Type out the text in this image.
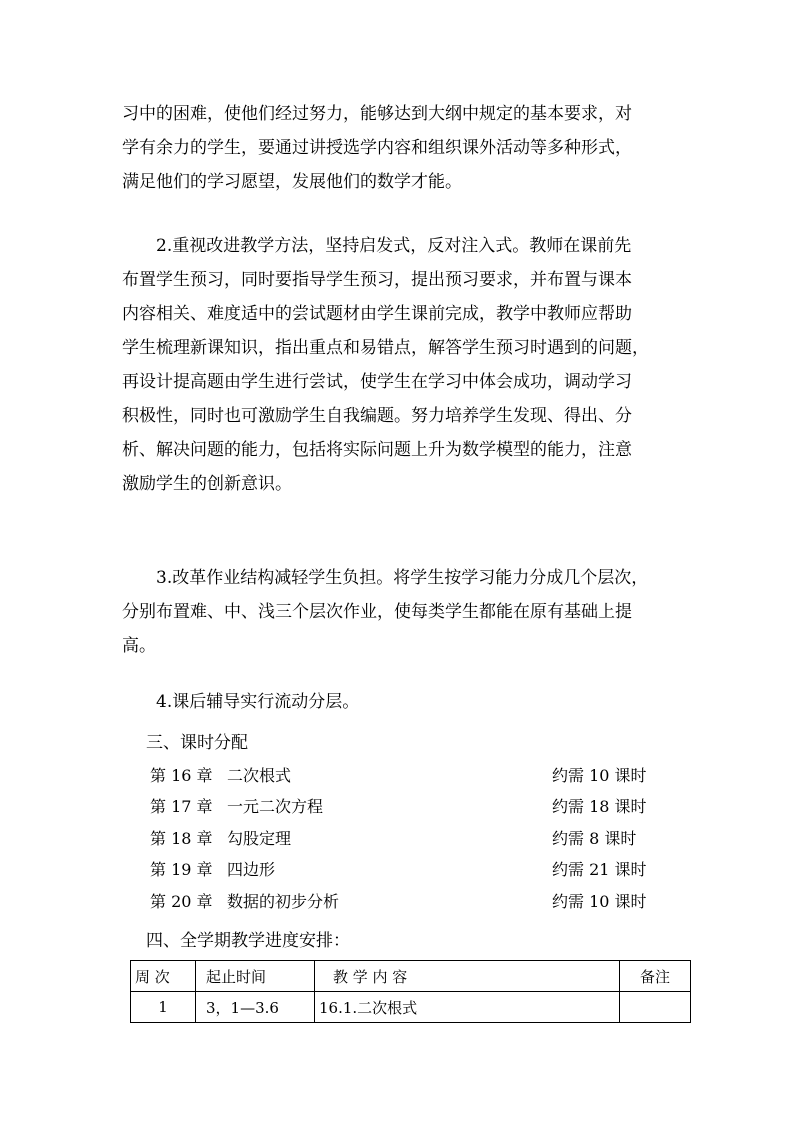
习中的困难，使他们经过努力，能够达到大纲中规定的基本要求，对
学有余力的学生，要通过讲授选学内容和组织课外活动等多种形式，
满足他们的学习愿望，发展他们的数学才能。
2.重视改进教学方法，坚持启发式，反对注入式。教师在课前先
布置学生预习，同时要指导学生预习，提出预习要求，并布置与课本
内容相关、难度适中的尝试题材由学生课前完成，教学中教师应帮助
学生梳理新课知识，指出重点和易错点，解答学生预习时遇到的问题，
再设计提高题由学生进行尝试，使学生在学习中体会成功，调动学习
积极性，同时也可激励学生自我编题。努力培养学生发现、得出、分
析、解决问题的能力，包括将实际问题上升为数学模型的能力，注意
激励学生的创新意识。
3.改革作业结构减轻学生负担。将学生按学习能力分成几个层次，
分别布置难、中、浅三个层次作业，使每类学生都能在原有基础上提
高。
4.课后辅导实行流动分层。
三、课时分配
第 16 章 二次根式	约需 10 课时
第 17 章 一元二次方程	约需 18 课时
第 18 章 勾股定理	约需 8 课时
第 19 章 四边形	约需 21 课时
第 20 章 数据的初步分析	约需 10 课时
四、全学期教学进度安排：
周 次	起止时间	教 学 内 容	备注
1	3，1—3.6	16.1.二次根式	
